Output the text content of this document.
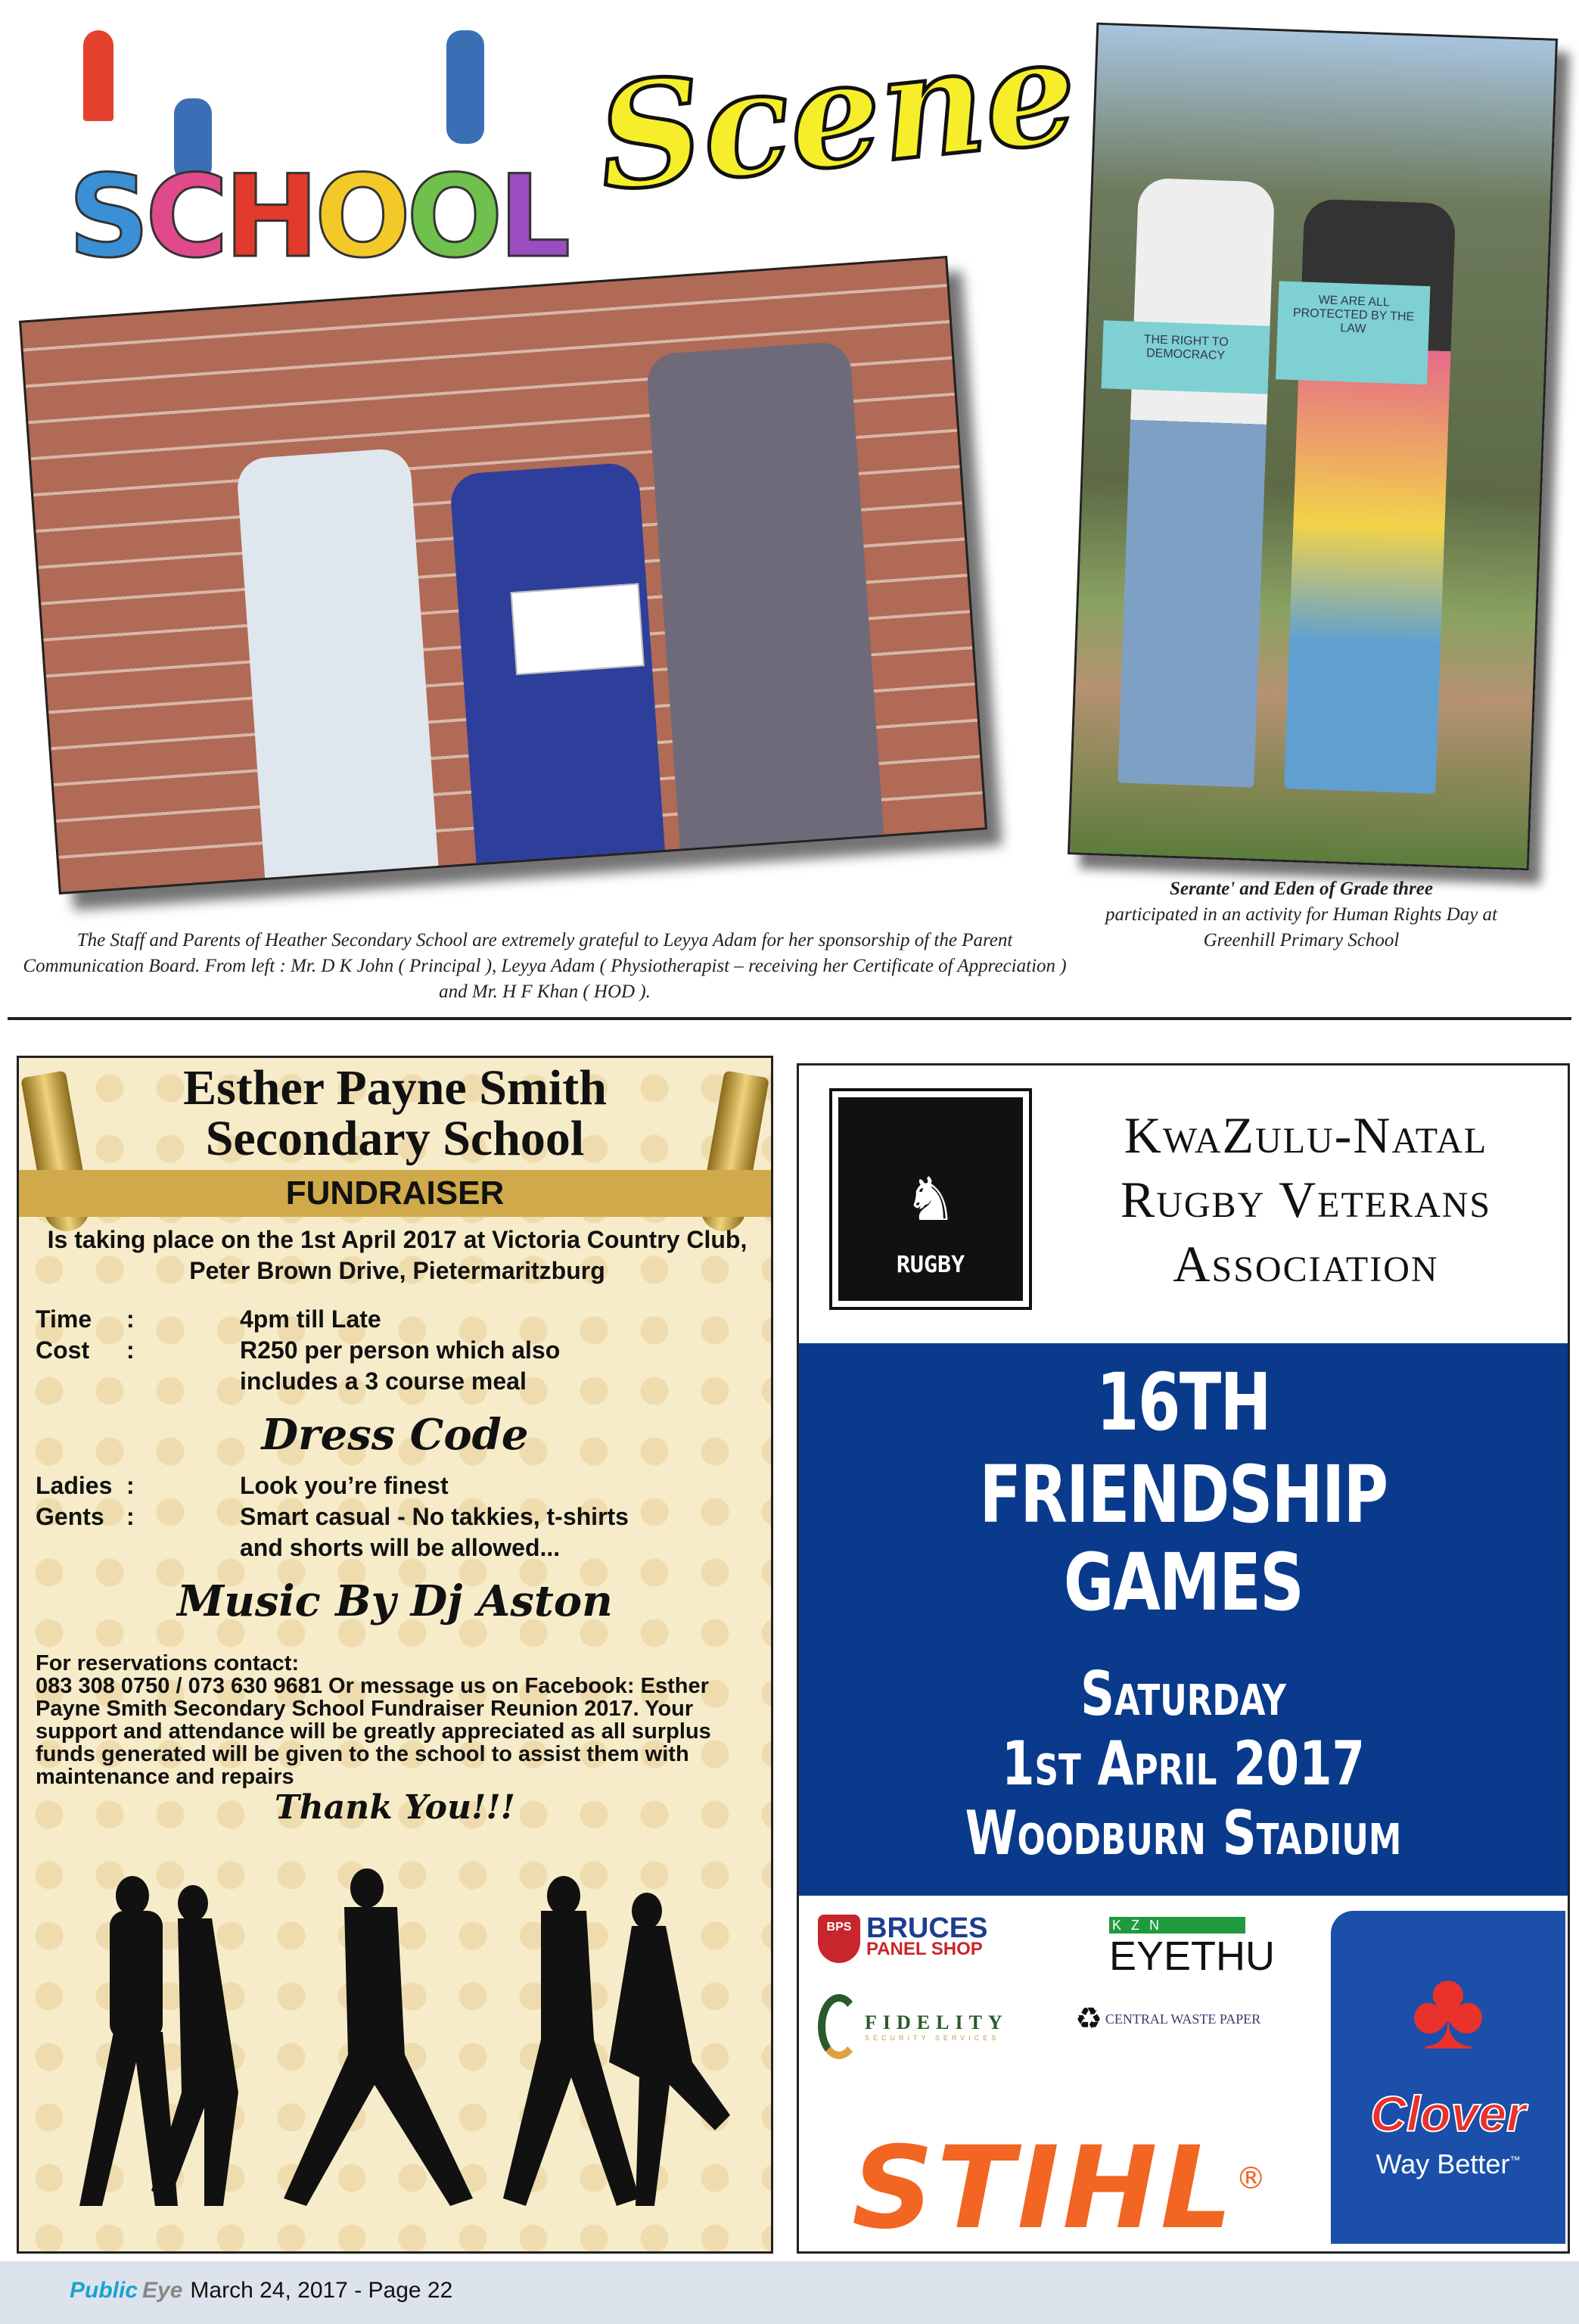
S C H O O L Scene
THE RIGHT TO DEMOCRACY
WE ARE ALL PROTECTED BY THE LAW
Serante' and Eden of Grade three
participated in an activity for Human Rights Day at Greenhill Primary School
The Staff and Parents of Heather Secondary School are extremely grateful to Leyya Adam for her sponsorship of the Parent Communication Board. From left : Mr. D K John ( Principal ), Leyya Adam ( Physiotherapist – receiving her Certificate of Appreciation ) and Mr. H F Khan ( HOD ).
FUNDRAISER
Esther Payne Smith
Secondary School
Is taking place on the 1st April 2017 at Victoria Country Club, Peter Brown Drive, Pietermaritzburg
Time	:	4pm till Late
Cost	:	R250 per person which also includes a 3 course meal
Dress Code
Ladies :	Look you’re finest
Gents :	Smart casual - No takkies, t-shirts and shorts will be allowed...
Music By Dj Aston
For reservations contact:
083 308 0750 / 073 630 9681 Or message us on Facebook: Esther Payne Smith Secondary School Fundraiser Reunion 2017. Your support and attendance will be greatly appreciated as all surplus funds generated will be given to the school to assist them with maintenance and repairs
Thank You!!!
♞
RUGBY
KwaZulu-Natal
Rugby Veterans
Association
16TH
FRIENDSHIP
GAMES
Saturday
1st April 2017
Woodburn Stadium
BPS BRUCES
PANEL SHOP
K Z N
EYETHU
FIDELITY
SECURITY SERVICES
♻ CENTRAL WASTE PAPER
STIHL®
♣
Clover
Way Better™
Public Eye March 24, 2017 - Page 22
